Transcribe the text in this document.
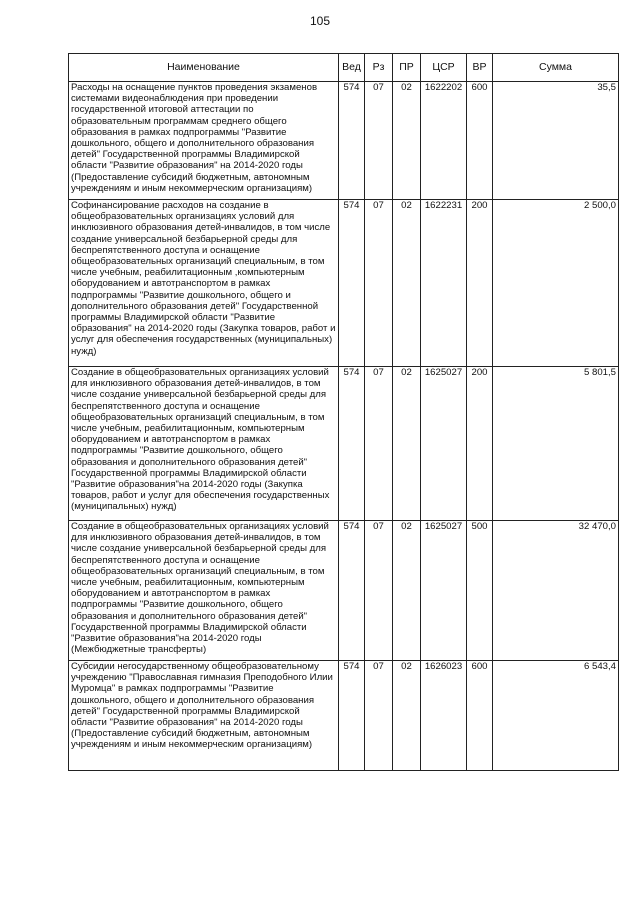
105
Наименование	Вед	Рз	ПР	ЦСР	ВР	Сумма
Расходы на оснащение пунктов проведения экзаменов системами видеонаблюдения при проведении государственной итоговой аттестации по образовательным программам среднего общего образования в рамках подпрограммы "Развитие дошкольного, общего и дополнительного образования детей" Государственной программы Владимирской области "Развитие образования" на 2014-2020 годы (Предоставление субсидий бюджетным, автономным учреждениям и иным некоммерческим организациям)	574	07	02	1622202	600	35,5
Софинансирование расходов на создание в общеобразовательных организациях условий для инклюзивного образования детей-инвалидов, в том числе создание универсальной безбарьерной среды для беспрепятственного доступа и оснащение общеобразовательных организаций специальным, в том числе учебным, реабилитационным ,компьютерным оборудованием и автотранспортом в рамках подпрограммы "Развитие дошкольного, общего и дополнительного образования детей" Государственной программы Владимирской области "Развитие образования" на 2014-2020 годы (Закупка товаров, работ и услуг для обеспечения государственных (муниципальных) нужд)	574	07	02	1622231	200	2 500,0
Создание в общеобразовательных организациях условий для инклюзивного образования детей-инвалидов, в том числе создание универсальной безбарьерной среды для беспрепятственного доступа и оснащение общеобразовательных организаций специальным, в том числе учебным, реабилитационным, компьютерным оборудованием и автотранспортом в рамках подпрограммы "Развитие дошкольного, общего образования и дополнительного образования детей" Государственной программы Владимирской области "Развитие образования"на 2014-2020 годы (Закупка товаров, работ и услуг для обеспечения государственных (муниципальных) нужд)	574	07	02	1625027	200	5 801,5
Создание в общеобразовательных организациях условий для инклюзивного образования детей-инвалидов, в том числе создание универсальной безбарьерной среды для беспрепятственного доступа и оснащение общеобразовательных организаций специальным, в том числе учебным, реабилитационным, компьютерным оборудованием и автотранспортом в рамках подпрограммы "Развитие дошкольного, общего образования и дополнительного образования детей" Государственной программы Владимирской области "Развитие образования"на 2014-2020 годы (Межбюджетные трансферты)	574	07	02	1625027	500	32 470,0
Субсидии негосударственному общеобразовательному учреждению "Православная гимназия Преподобного Илии Муромца" в рамках подпрограммы "Развитие дошкольного, общего и дополнительного образования детей" Государственной программы Владимирской области "Развитие образования" на 2014-2020 годы (Предоставление субсидий бюджетным, автономным учреждениям и иным некоммерческим организациям)	574	07	02	1626023	600	6 543,4
